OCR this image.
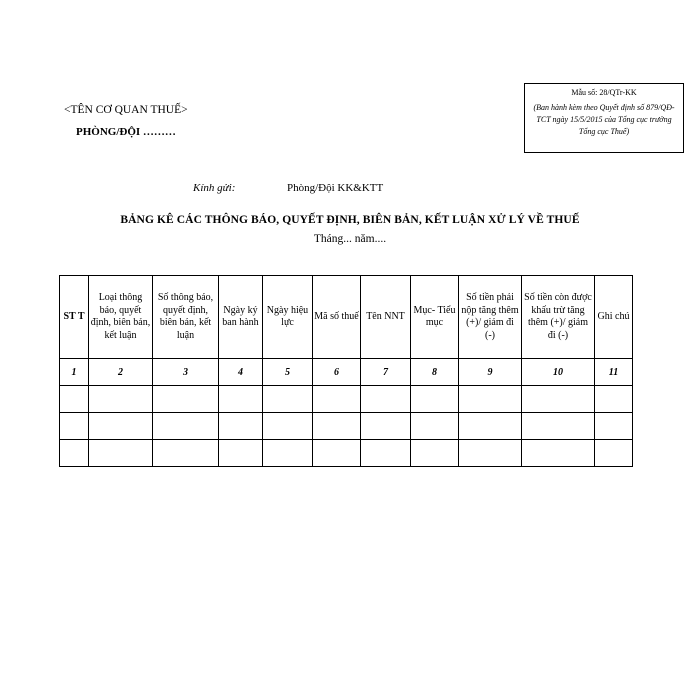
Mẫu số: 28/QTr-KK
(Ban hành kèm theo Quyết định số 879/QĐ-TCT ngày 15/5/2015 của Tổng cục trưởng Tổng cục Thuế)
<TÊN CƠ QUAN THUẾ>
PHÒNG/ĐỘI ………
Kính gửi:	Phòng/Đội KK&KTT
BẢNG KÊ CÁC THÔNG BÁO, QUYẾT ĐỊNH, BIÊN BẢN, KẾT LUẬN XỬ LÝ VỀ THUẾ
Tháng... năm....
ST T	Loại thông báo, quyết định, biên bản, kết luận	Số thông báo, quyết định, biên bản, kết luận	Ngày ký ban hành	Ngày hiệu lực	Mã số thuế	Tên NNT	Mục- Tiểu mục	Số tiền phải nộp tăng thêm (+)/ giảm đi (-)	Số tiền còn được khấu trừ tăng thêm (+)/ giảm đi (-)	Ghi chú
1	2	3	4	5	6	7	8	9	10	11
